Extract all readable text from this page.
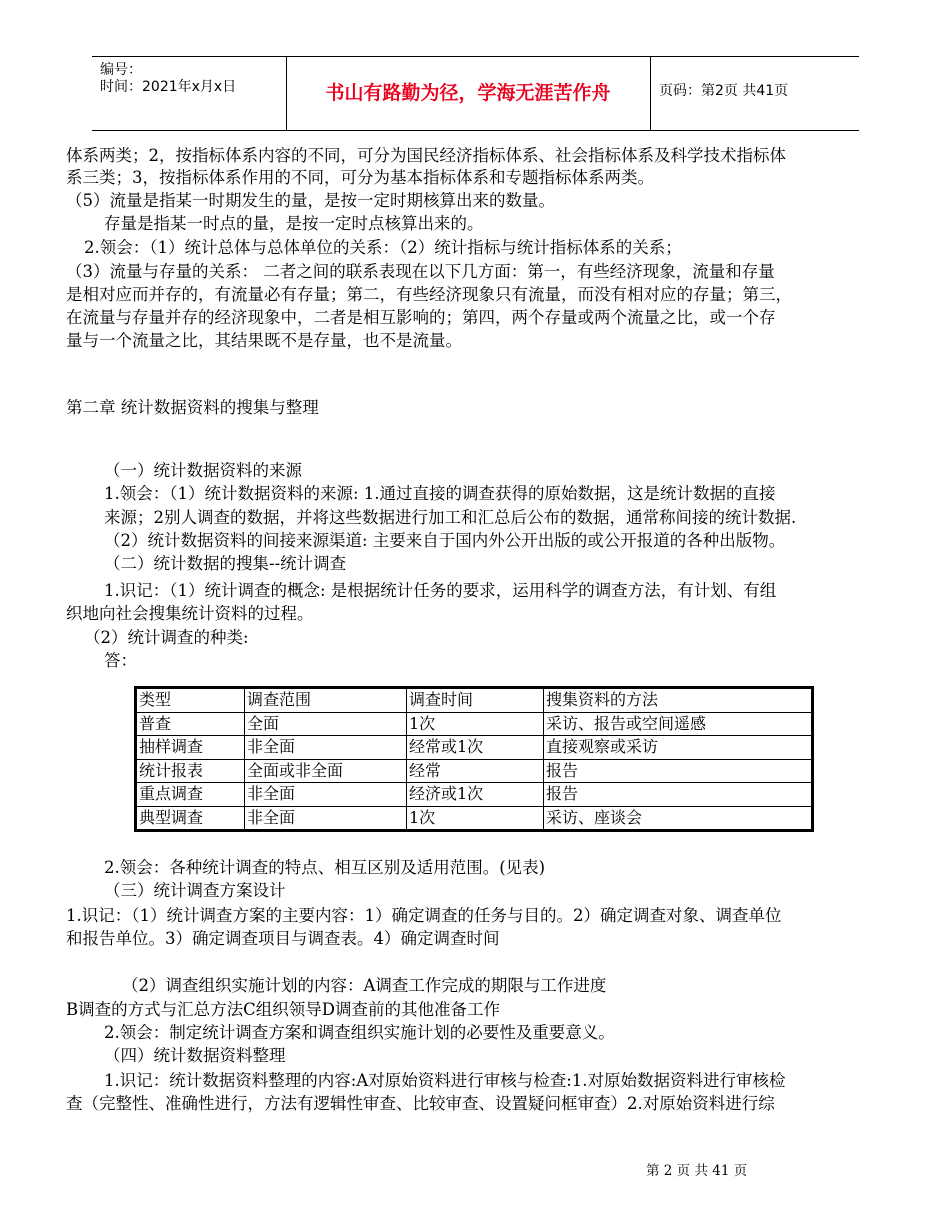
编号：
时间：2021年x月x日	书山有路勤为径，学海无涯苦作舟	页码：第2页 共41页
体系两类；2，按指标体系内容的不同，可分为国民经济指标体系、社会指标体系及科学技术指标体
系三类；3，按指标体系作用的不同，可分为基本指标体系和专题指标体系两类。
（5）流量是指某一时期发生的量，是按一定时期核算出来的数量。
存量是指某一时点的量，是按一定时点核算出来的。
2.领会：（1）统计总体与总体单位的关系：（2）统计指标与统计指标体系的关系；
（3）流量与存量的关系： 二者之间的联系表现在以下几方面：第一，有些经济现象，流量和存量
是相对应而并存的，有流量必有存量；第二，有些经济现象只有流量，而没有相对应的存量；第三，
在流量与存量并存的经济现象中，二者是相互影响的；第四，两个存量或两个流量之比，或一个存
量与一个流量之比，其结果既不是存量，也不是流量。
第二章 统计数据资料的搜集与整理
（一）统计数据资料的来源
1.领会：（1）统计数据资料的来源: 1.通过直接的调查获得的原始数据，这是统计数据的直接
来源；2别人调查的数据，并将这些数据进行加工和汇总后公布的数据，通常称间接的统计数据.
（2）统计数据资料的间接来源渠道: 主要来自于国内外公开出版的或公开报道的各种出版物。
（二）统计数据的搜集--统计调查
1.识记：（1）统计调查的概念: 是根据统计任务的要求，运用科学的调查方法，有计划、有组
织地向社会搜集统计资料的过程。
（2）统计调查的种类:
答：
类型	调查范围	调查时间	搜集资料的方法
普查	全面	1次	采访、报告或空间遥感
抽样调查	非全面	经常或1次	直接观察或采访
统计报表	全面或非全面	经常	报告
重点调查	非全面	经济或1次	报告
典型调查	非全面	1次	采访、座谈会
2.领会：各种统计调查的特点、相互区别及适用范围。(见表)
（三）统计调查方案设计
1.识记：（1）统计调查方案的主要内容：1）确定调查的任务与目的。2）确定调查对象、调查单位
和报告单位。3）确定调查项目与调查表。4）确定调查时间
（2）调查组织实施计划的内容：A调查工作完成的期限与工作进度
B调查的方式与汇总方法C组织领导D调查前的其他准备工作
2.领会：制定统计调查方案和调查组织实施计划的必要性及重要意义。
（四）统计数据资料整理
1.识记：统计数据资料整理的内容:A对原始资料进行审核与检查:1.对原始数据资料进行审核检
查（完整性、准确性进行，方法有逻辑性审查、比较审查、设置疑问框审查）2.对原始资料进行综
第 2 页 共 41 页
